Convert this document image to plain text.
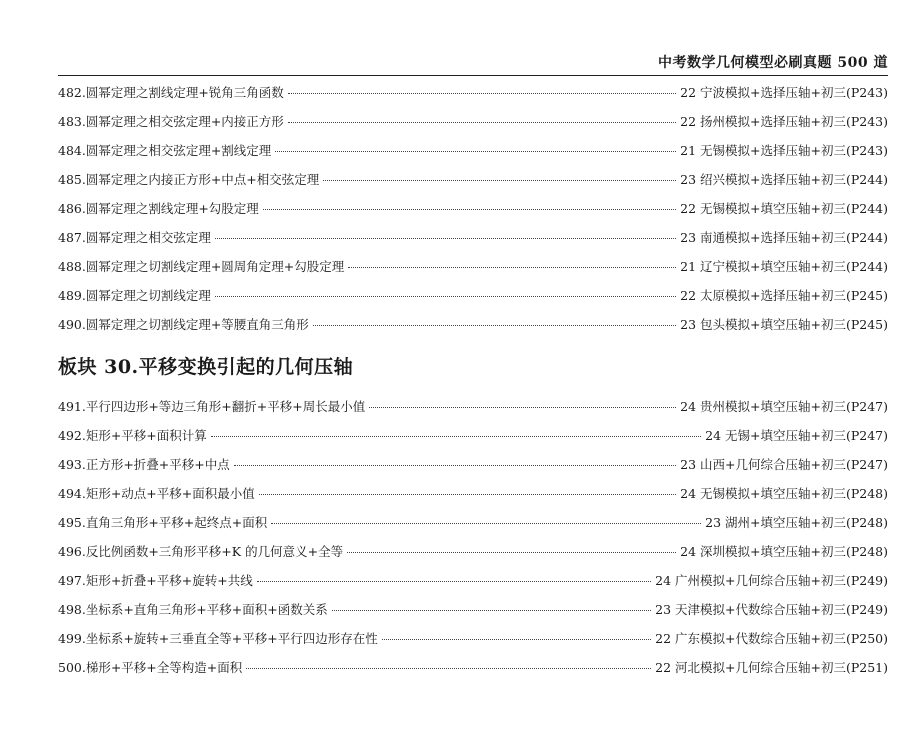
中考数学几何模型必刷真题 500 道
482.圆幂定理之割线定理+锐角三角函数	22 宁波模拟+选择压轴+初三(P243)
483.圆幂定理之相交弦定理+内接正方形	22 扬州模拟+选择压轴+初三(P243)
484.圆幂定理之相交弦定理+割线定理	21 无锡模拟+选择压轴+初三(P243)
485.圆幂定理之内接正方形+中点+相交弦定理	23 绍兴模拟+选择压轴+初三(P244)
486.圆幂定理之割线定理+勾股定理	22 无锡模拟+填空压轴+初三(P244)
487.圆幂定理之相交弦定理	23 南通模拟+选择压轴+初三(P244)
488.圆幂定理之切割线定理+圆周角定理+勾股定理	21 辽宁模拟+填空压轴+初三(P244)
489.圆幂定理之切割线定理	22 太原模拟+选择压轴+初三(P245)
490.圆幂定理之切割线定理+等腰直角三角形	23 包头模拟+填空压轴+初三(P245)
板块 30.平移变换引起的几何压轴
491.平行四边形+等边三角形+翻折+平移+周长最小值	24 贵州模拟+填空压轴+初三(P247)
492.矩形+平移+面积计算	24 无锡+填空压轴+初三(P247)
493.正方形+折叠+平移+中点	23 山西+几何综合压轴+初三(P247)
494.矩形+动点+平移+面积最小值	24 无锡模拟+填空压轴+初三(P248)
495.直角三角形+平移+起终点+面积	23 湖州+填空压轴+初三(P248)
496.反比例函数+三角形平移+K 的几何意义+全等	24 深圳模拟+填空压轴+初三(P248)
497.矩形+折叠+平移+旋转+共线	24 广州模拟+几何综合压轴+初三(P249)
498.坐标系+直角三角形+平移+面积+函数关系	23 天津模拟+代数综合压轴+初三(P249)
499.坐标系+旋转+三垂直全等+平移+平行四边形存在性	22 广东模拟+代数综合压轴+初三(P250)
500.梯形+平移+全等构造+面积	22 河北模拟+几何综合压轴+初三(P251)
